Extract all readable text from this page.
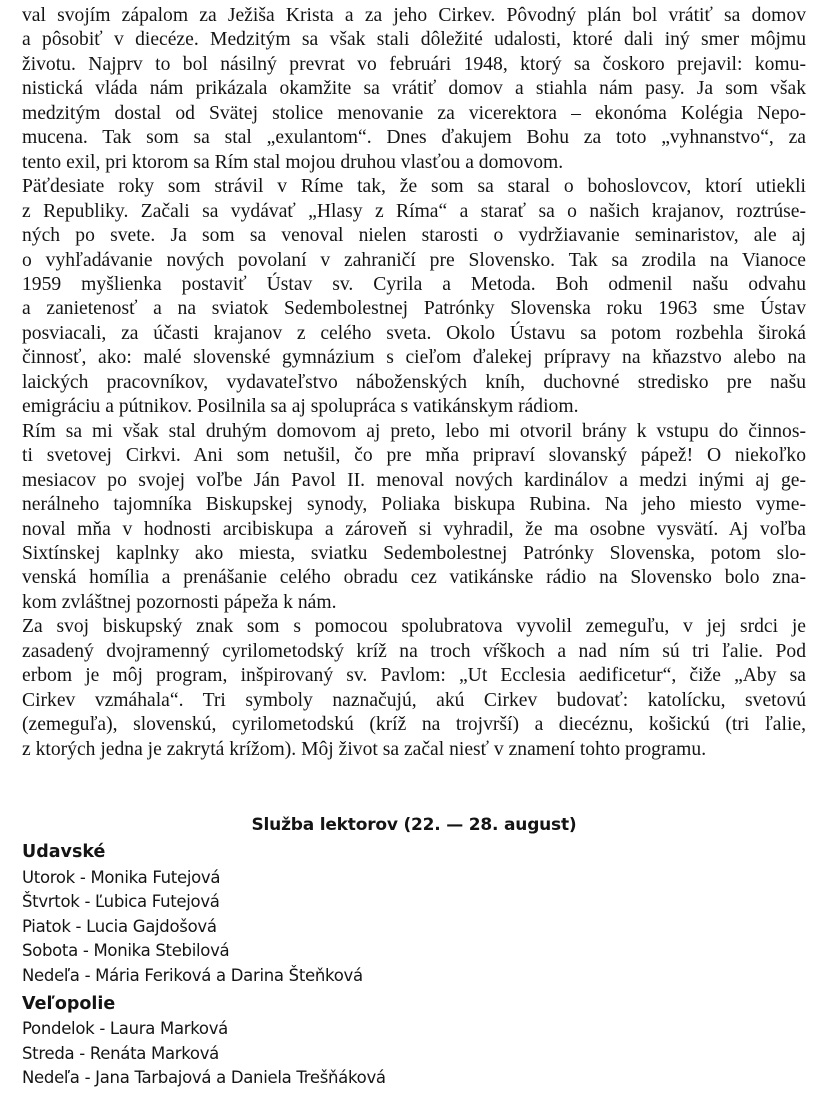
val svojím zápalom za Ježiša Krista a za jeho Cirkev. Pôvodný plán bol vrátiť sa domov
a pôsobiť v diecéze. Medzitým sa však stali dôležité udalosti, ktoré dali iný smer môjmu
životu. Najprv to bol násilný prevrat vo februári 1948, ktorý sa čoskoro prejavil: komu-
nistická vláda nám prikázala okamžite sa vrátiť domov a stiahla nám pasy. Ja som však
medzitým dostal od Svätej stolice menovanie za vicerektora – ekonóma Kolégia Nepo-
mucena. Tak som sa stal „exulantom“. Dnes ďakujem Bohu za toto „vyhnanstvo“, za
tento exil, pri ktorom sa Rím stal mojou druhou vlasťou a domovom.
Päťdesiate roky som strávil v Ríme tak, že som sa staral o bohoslovcov, ktorí utiekli
z Republiky. Začali sa vydávať „Hlasy z Ríma“ a starať sa o našich krajanov, roztrúse-
ných po svete. Ja som sa venoval nielen starosti o vydržiavanie seminaristov, ale aj
o vyhľadávanie nových povolaní v zahraničí pre Slovensko. Tak sa zrodila na Vianoce
1959 myšlienka postaviť Ústav sv. Cyrila a Metoda. Boh odmenil našu odvahu
a zanietenosť a na sviatok Sedembolestnej Patrónky Slovenska roku 1963 sme Ústav
posviacali, za účasti krajanov z celého sveta. Okolo Ústavu sa potom rozbehla široká
činnosť, ako: malé slovenské gymnázium s cieľom ďalekej prípravy na kňazstvo alebo na
laických pracovníkov, vydavateľstvo náboženských kníh, duchovné stredisko pre našu
emigráciu a pútnikov. Posilnila sa aj spolupráca s vatikánskym rádiom.
Rím sa mi však stal druhým domovom aj preto, lebo mi otvoril brány k vstupu do činnos-
ti svetovej Cirkvi. Ani som netušil, čo pre mňa pripraví slovanský pápež! O niekoľko
mesiacov po svojej voľbe Ján Pavol II. menoval nových kardinálov a medzi inými aj ge-
nerálneho tajomníka Biskupskej synody, Poliaka biskupa Rubina. Na jeho miesto vyme-
noval mňa v hodnosti arcibiskupa a zároveň si vyhradil, že ma osobne vysvätí. Aj voľba
Sixtínskej kaplnky ako miesta, sviatku Sedembolestnej Patrónky Slovenska, potom slo-
venská homília a prenášanie celého obradu cez vatikánske rádio na Slovensko bolo zna-
kom zvláštnej pozornosti pápeža k nám.
Za svoj biskupský znak som s pomocou spolubratova vyvolil zemeguľu, v jej srdci je
zasadený dvojramenný cyrilometodský kríž na troch vŕškoch a nad ním sú tri ľalie. Pod
erbom je môj program, inšpirovaný sv. Pavlom: „Ut Ecclesia aedificetur“, čiže „Aby sa
Cirkev vzmáhala“. Tri symboly naznačujú, akú Cirkev budovať: katolícku, svetovú
(zemeguľa), slovenskú, cyrilometodskú (kríž na trojvrší) a diecéznu, košickú (tri ľalie,
z ktorých jedna je zakrytá krížom). Môj život sa začal niesť v znamení tohto programu.
Služba lektorov (22. — 28. august)
Udavské
Utorok - Monika Futejová
Štvrtok - Ľubica Futejová
Piatok - Lucia Gajdošová
Sobota - Monika Stebilová
Nedeľa - Mária Feriková a Darina Šteňková
Veľopolie
Pondelok - Laura Marková
Streda - Renáta Marková
Nedeľa - Jana Tarbajová a Daniela Trešňáková
